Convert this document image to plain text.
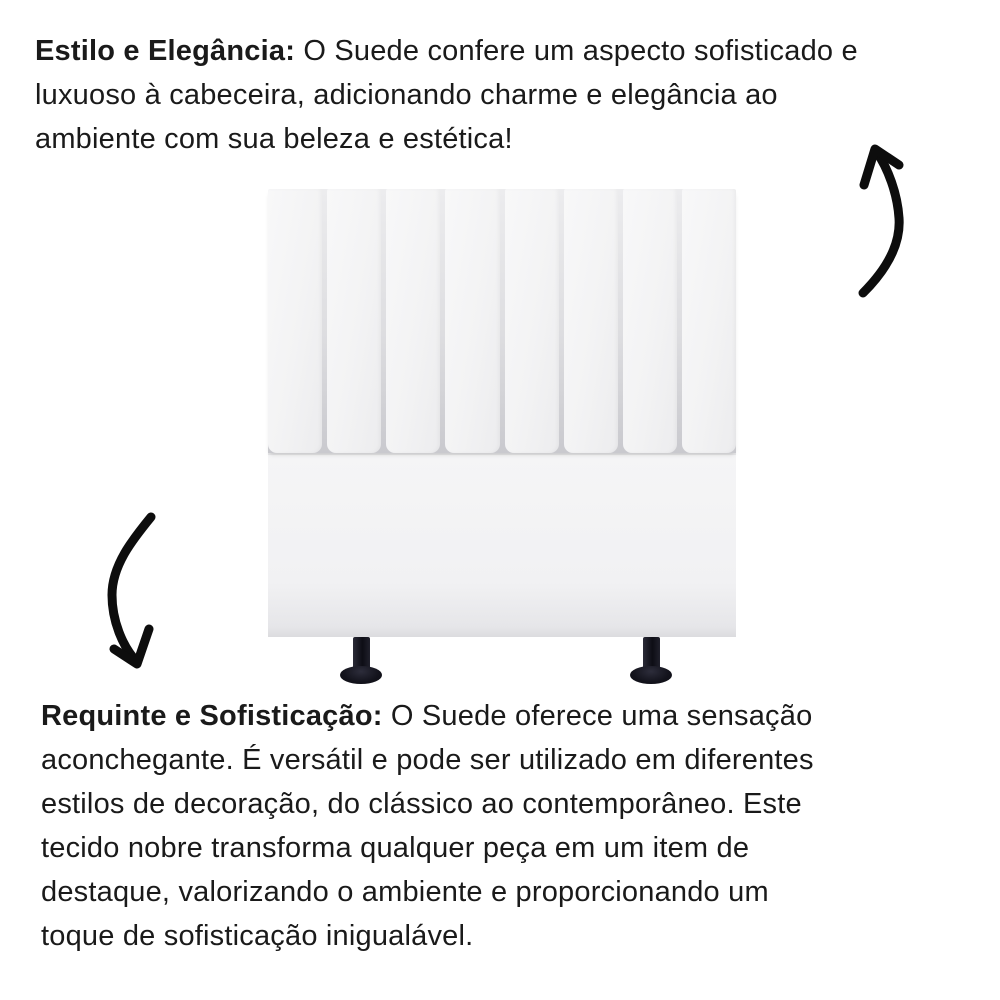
Estilo e Elegância: O Suede confere um aspecto sofisticado e
luxuoso à cabeceira, adicionando charme e elegância ao
ambiente com sua beleza e estética!

Requinte e Sofisticação: O Suede oferece uma sensação
aconchegante. É versátil e pode ser utilizado em diferentes
estilos de decoração, do clássico ao contemporâneo. Este
tecido nobre transforma qualquer peça em um item de
destaque, valorizando o ambiente e proporcionando um
toque de sofisticação inigualável.
